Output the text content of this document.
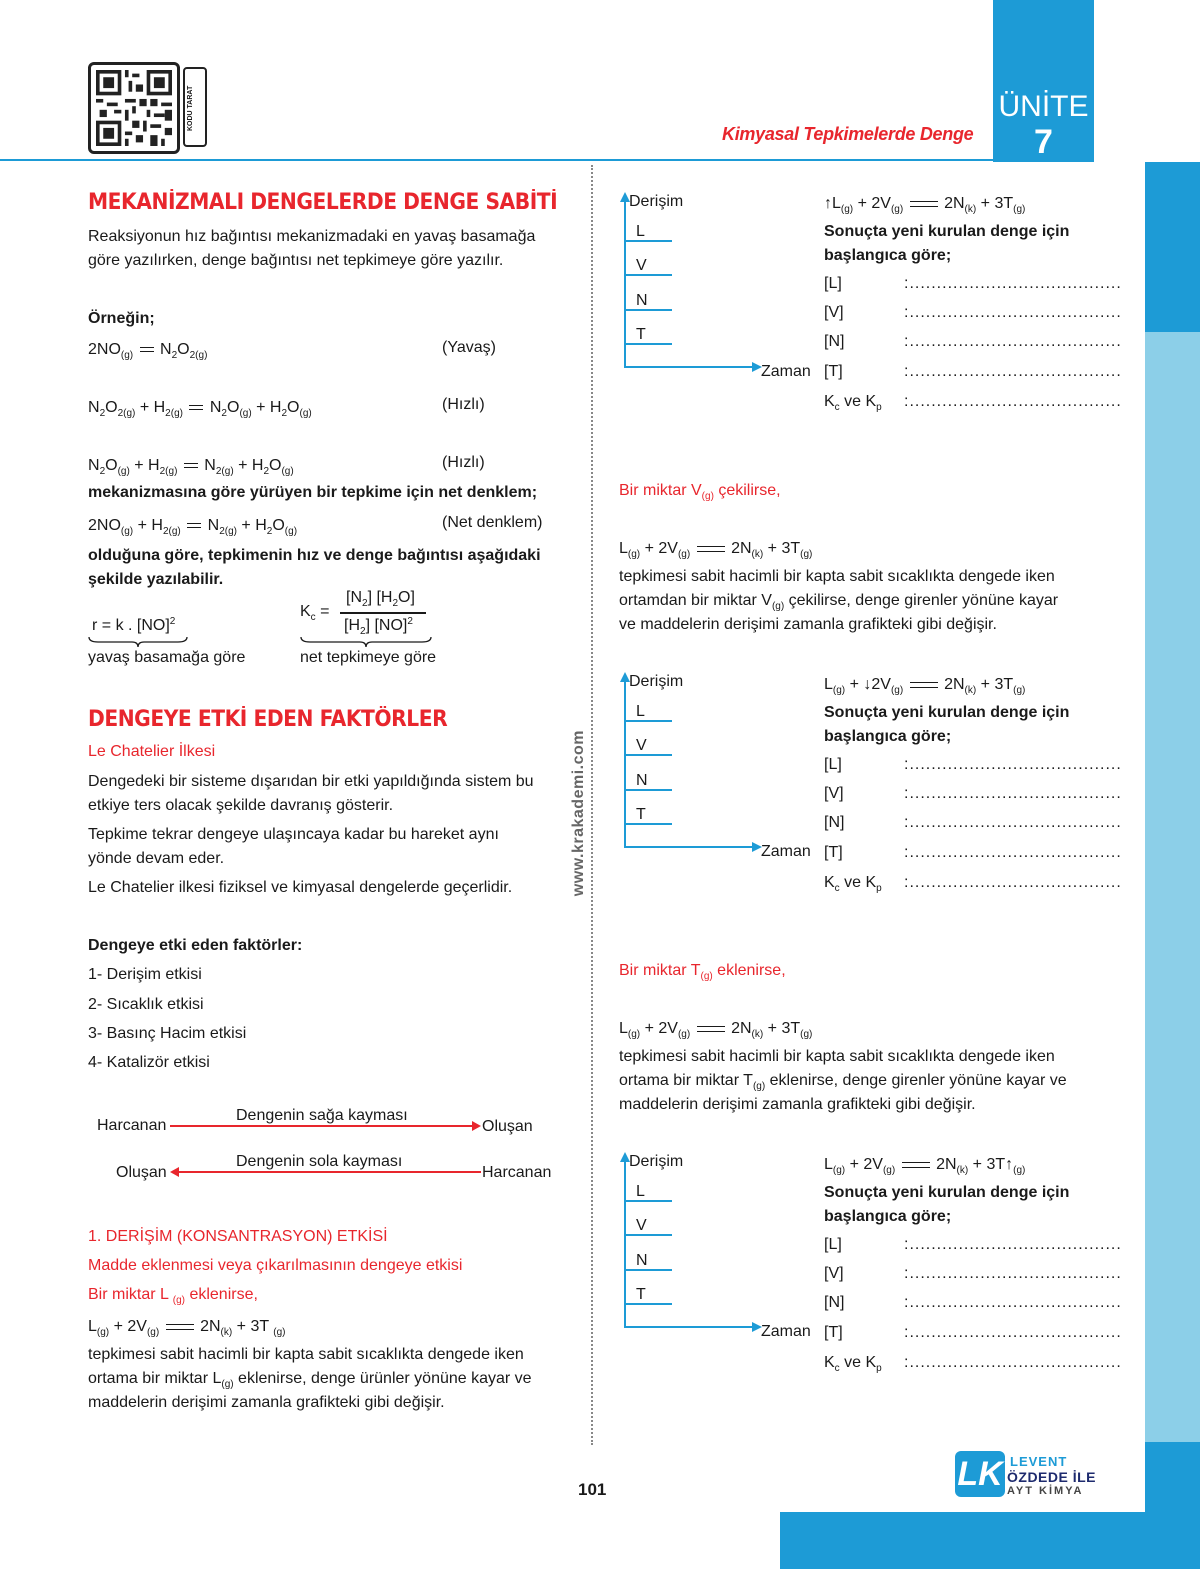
KODU TARAT
Kimyasal Tepkimelerde Denge
ÜNİTE
7
www.krakademi.com
MEKANİZMALI DENGELERDE DENGE SABİTİ
Reaksiyonun hız bağıntısı mekanizmadaki en yavaş basamağa
göre yazılırken, denge bağıntısı net tepkimeye göre yazılır.
Örneğin;
$2NO_{(g)}$  $N_2O_{2(g)}$	(Yavaş)
$N_2O_{2(g)} + H_{2(g)}$  $N_2O_{(g)} + H_2O_{(g)}$
(Hızlı)
$N_2O_{(g)} + H_{2(g)}$  $N_{2(g)} + H_2O_{(g)}$
(Hızlı)
mekanizmasına göre yürüyen bir tepkime için net denklem;
$2NO_{(g)} + H_{2(g)}$  $N_{2(g)} + H_2O_{(g)}$
(Net denklem)
olduğuna göre, tepkimenin hız ve denge bağıntısı aşağıdaki
şekilde yazılabilir.
r = k . [NO]$^2$
yavaş basamağa göre
$K_c$ =
$[N_2]$ $[H_2O]$
$[H_2]$ [NO]$^2$
net tepkimeye göre
DENGEYE ETKİ EDEN FAKTÖRLER
Le Chatelier İlkesi
Dengedeki bir sisteme dışarıdan bir etki yapıldığında sistem bu
etkiye ters olacak şekilde davranış gösterir.
Tepkime tekrar dengeye ulaşıncaya kadar bu hareket aynı
yönde devam eder.
Le Chatelier ilkesi fiziksel ve kimyasal dengelerde geçerlidir.
Dengeye etki eden faktörler:
1- Derişim etkisi
2- Sıcaklık etkisi
3- Basınç Hacim etkisi
4- Katalizör etkisi
Harcanan
Dengenin sağa kayması
Oluşan
Oluşan
Dengenin sola kayması
Harcanan
1. DERİŞİM (KONSANTRASYON) ETKİSİ
Madde eklenmesi veya çıkarılmasının dengeye etkisi
Bir miktar L $_{(g)}$ eklenirse,
$L_{(g)} + 2V_{(g)}$  $2N_{(k)} + 3T$ $_{(g)}$
tepkimesi sabit hacimli bir kapta sabit sıcaklıkta dengede iken
ortama bir miktar $L_{(g)}$ eklenirse, denge ürünler yönüne kayar ve
maddelerin derişimi zamanla grafikteki gibi değişir.
Derişim
L
V
N
T
Zaman
$↑L_{(g)} + 2V_{(g)}$  $2N_{(k)} + 3T_{(g)}$
Sonuçta yeni kurulan denge için
başlangıca göre;
[L]	:.......................................
[V]	:.......................................
[N]	:.......................................
[T]	:.......................................
$K_c$ ve $K_p$ :.......................................
Bir miktar $V_{(g)}$ çekilirse,
$L_{(g)} + 2V_{(g)}$  $2N_{(k)} + 3T_{(g)}$
tepkimesi sabit hacimli bir kapta sabit sıcaklıkta dengede iken
ortamdan bir miktar $V_{(g)}$ çekilirse, denge girenler yönüne kayar
ve maddelerin derişimi zamanla grafikteki gibi değişir.
Derişim
L
V
N
T
Zaman
$L_{(g)}$ + $↓2V_{(g)}$  $2N_{(k)} + 3T_{(g)}$
Sonuçta yeni kurulan denge için
başlangıca göre;
[L]	:.......................................
[V]	:.......................................
[N]	:.......................................
[T]	:.......................................
$K_c$ ve $K_p$ :.......................................
Bir miktar $T_{(g)}$ eklenirse,
$L_{(g)} + 2V_{(g)}$  $2N_{(k)} + 3T_{(g)}$
tepkimesi sabit hacimli bir kapta sabit sıcaklıkta dengede iken
ortama bir miktar $T_{(g)}$ eklenirse, denge girenler yönüne kayar ve
maddelerin derişimi zamanla grafikteki gibi değişir.
Derişim
L
V
N
T
Zaman
$L_{(g)} + 2V_{(g)}$  $2N_{(k)}$ + $3T↑_{(g)}$
Sonuçta yeni kurulan denge için
başlangıca göre;
[L]	:.......................................
[V]	:.......................................
[N]	:.......................................
[T]	:.......................................
$K_c$ ve $K_p$ :.......................................
101	LK LEVENT
ÖZDEDE İLE
AYT KİMYA
